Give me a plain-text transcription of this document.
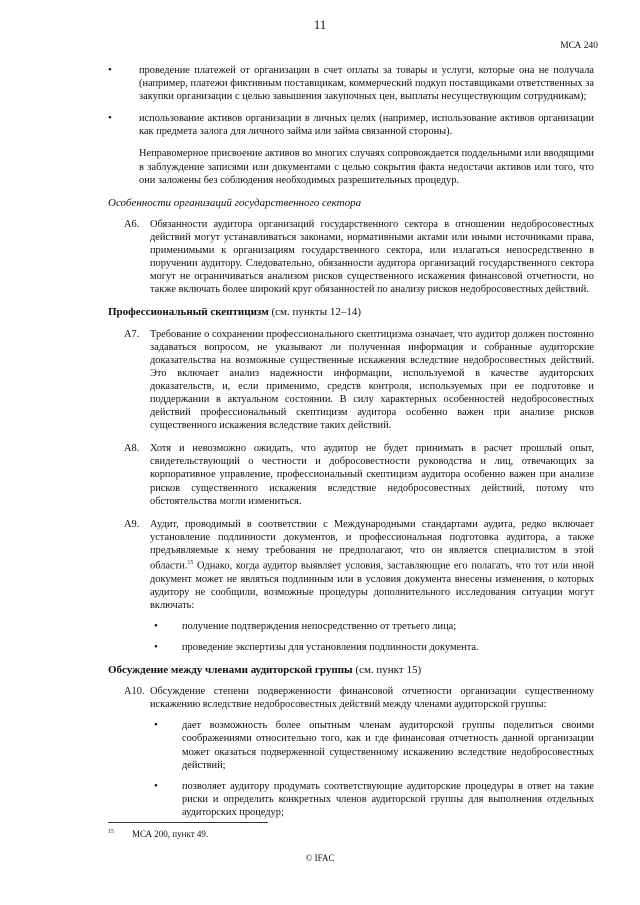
11
МСА 240
•	проведение платежей от организации в счет оплаты за товары и услуги, которые она не получала (например, платежи фиктивным поставщикам, коммерческий подкуп поставщиками ответственных за закупки организации с целью завышения закупочных цен, выплаты несуществующим сотрудникам);
•	использование активов организации в личных целях (например, использование активов организации как предмета залога для личного займа или займа связанной стороны).

Неправомерное присвоение активов во многих случаях сопровождается поддельными или вводящими в заблуждение записями или документами с целью сокрытия факта недостачи активов или того, что они заложены без соблюдения необходимых разрешительных процедур.

Особенности организаций государственного сектора
А6. Обязанности аудитора организаций государственного сектора в отношении недобросовестных действий могут устанавливаться законами, нормативными актами или иными источниками права, применимыми к организациям государственного сектора, или излагаться непосредственно в поручении аудитору. Следовательно, обязанности аудитора организаций государственного сектора могут не ограничиваться анализом рисков существенного искажения финансовой отчетности, но также включать более широкий круг обязанностей по анализу рисков недобросовестных действий.
Профессиональный скептицизм (см. пункты 12–14)
А7. Требование о сохранении профессионального скептицизма означает, что аудитор должен постоянно задаваться вопросом, не указывают ли полученная информация и собранные аудиторские доказательства на возможные существенные искажения вследствие недобросовестных действий. Это включает анализ надежности информации, используемой в качестве аудиторских доказательств, и, если применимо, средств контроля, используемых при ее подготовке и поддержании в актуальном состоянии. В силу характерных особенностей недобросовестных действий профессиональный скептицизм аудитора особенно важен при анализе рисков существенного искажения вследствие таких действий.
А8. Хотя и невозможно ожидать, что аудитор не будет принимать в расчет прошлый опыт, свидетельствующий о честности и добросовестности руководства и лиц, отвечающих за корпоративное управление, профессиональный скептицизм аудитора особенно важен при анализе рисков существенного искажения вследствие недобросовестных действий, потому что обстоятельства могли измениться.
А9. Аудит, проводимый в соответствии с Международными стандартами аудита, редко включает установление подлинности документов, и профессиональная подготовка аудитора, а также предъявляемые к нему требования не предполагают, что он является специалистом в этой области.$^{15}$ Однако, когда аудитор выявляет условия, заставляющие его полагать, что тот или иной документ может не являться подлинным или в условия документа внесены изменения, о которых аудитору не сообщили, возможные процедуры дополнительного исследования ситуации могут включать:
• получение подтверждения непосредственно от третьего лица;
• проведение экспертизы для установления подлинности документа.
Обсуждение между членами аудиторской группы (см. пункт 15)
А10. Обсуждение степени подверженности финансовой отчетности организации существенному искажению вследствие недобросовестных действий между членами аудиторской группы:
• дает возможность более опытным членам аудиторской группы поделиться своими соображениями относительно того, как и где финансовая отчетность данной организации может оказаться подверженной существенному искажению вследствие недобросовестных действий;
• позволяет аудитору продумать соответствующие аудиторские процедуры в ответ на такие риски и определить конкретных членов аудиторской группы для выполнения отдельных аудиторских процедур;
$^{15}$ МСА 200, пункт 49.
© IFAC
